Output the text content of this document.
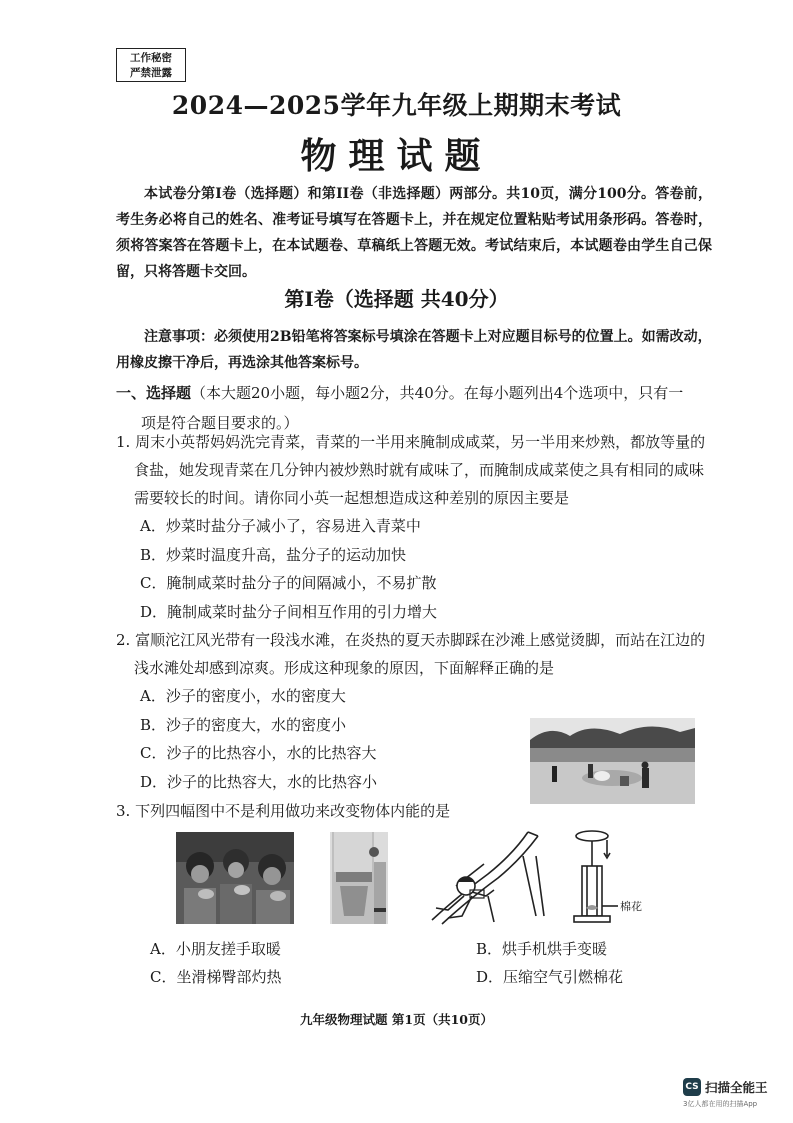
工作秘密
严禁泄露
2024—2025学年九年级上期期末考试
物理试题
本试卷分第I卷（选择题）和第II卷（非选择题）两部分。共10页，满分100分。答卷前，考生务必将自己的姓名、准考证号填写在答题卡上，并在规定位置粘贴考试用条形码。答卷时，须将答案答在答题卡上，在本试题卷、草稿纸上答题无效。考试结束后，本试题卷由学生自己保留，只将答题卡交回。
第I卷（选择题 共40分）
注意事项：必须使用2B铅笔将答案标号填涂在答题卡上对应题目标号的位置上。如需改动，用橡皮擦干净后，再选涂其他答案标号。
一、选择题（本大题20小题，每小题2分，共40分。在每小题列出4个选项中，只有一
项是符合题目要求的。）
1. 周末小英帮妈妈洗完青菜，青菜的一半用来腌制成咸菜，另一半用来炒熟，都放等量的食盐，她发现青菜在几分钟内被炒熟时就有咸味了，而腌制成咸菜使之具有相同的咸味需要较长的时间。请你同小英一起想想造成这种差别的原因主要是
A．炒菜时盐分子减小了，容易进入青菜中
B．炒菜时温度升高，盐分子的运动加快
C．腌制咸菜时盐分子的间隔减小，不易扩散
D．腌制咸菜时盐分子间相互作用的引力增大
2. 富顺沱江风光带有一段浅水滩，在炎热的夏天赤脚踩在沙滩上感觉烫脚，而站在江边的浅水滩处却感到凉爽。形成这种现象的原因，下面解释正确的是
A．沙子的密度小，水的密度大
B．沙子的密度大，水的密度小
C．沙子的比热容小，水的比热容大
D．沙子的比热容大，水的比热容小
3. 下列四幅图中不是利用做功来改变物体内能的是
棉花
A．小朋友搓手取暖	B．烘手机烘手变暖
C．坐滑梯臀部灼热	D．压缩空气引燃棉花
九年级物理试题 第1页（共10页）
CS 扫描全能王
3亿人都在用的扫描App
